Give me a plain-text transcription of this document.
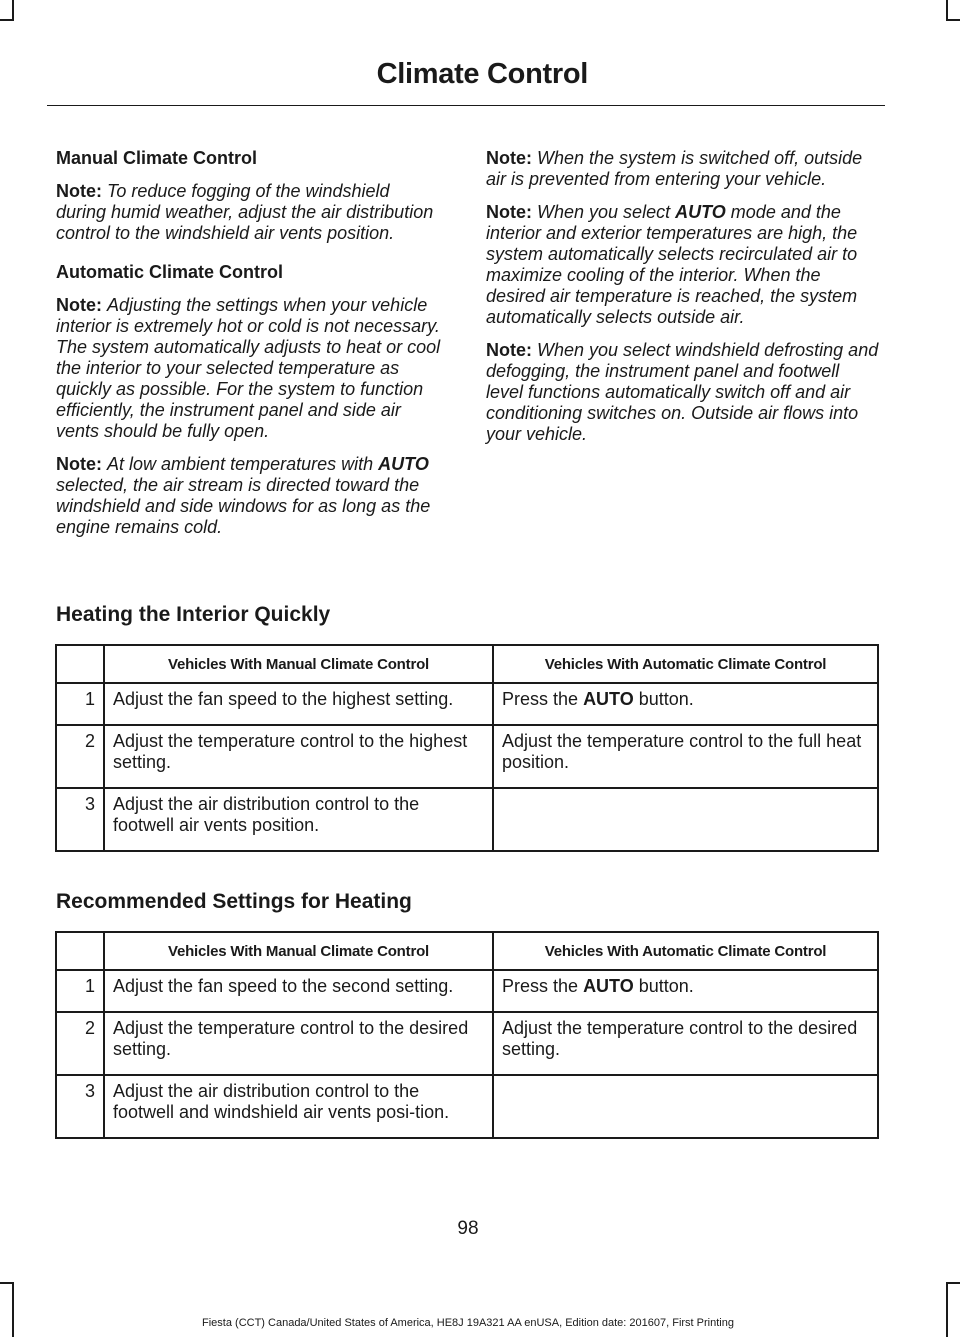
Climate Control
Manual Climate Control

Note: To reduce fogging of the windshield during humid weather, adjust the air distribution control to the windshield air vents position.

Automatic Climate Control

Note: Adjusting the settings when your vehicle interior is extremely hot or cold is not necessary. The system automatically adjusts to heat or cool the interior to your selected temperature as quickly as possible. For the system to function efficiently, the instrument panel and side air vents should be fully open.

Note: At low ambient temperatures with AUTO selected, the air stream is directed toward the windshield and side windows for as long as the engine remains cold.

Note: When the system is switched off, outside air is prevented from entering your vehicle.

Note: When you select AUTO mode and the interior and exterior temperatures are high, the system automatically selects recirculated air to maximize cooling of the interior. When the desired air temperature is reached, the system automatically selects outside air.

Note: When you select windshield defrosting and defogging, the instrument panel and footwell level functions automatically switch off and air conditioning switches on. Outside air flows into your vehicle.

Heating the Interior Quickly
	Vehicles With Manual Climate Control	Vehicles With Automatic Climate Control
1	Adjust the fan speed to the highest setting.	Press the AUTO button.
2	Adjust the temperature control to the highest setting.	Adjust the temperature control to the full heat position.
3	Adjust the air distribution control to the footwell air vents position.	
Recommended Settings for Heating
	Vehicles With Manual Climate Control	Vehicles With Automatic Climate Control
1	Adjust the fan speed to the second setting.	Press the AUTO button.
2	Adjust the temperature control to the desired setting.	Adjust the temperature control to the desired setting.
3	Adjust the air distribution control to the footwell and windshield air vents posi-tion.	
98
Fiesta (CCT) Canada/United States of America, HE8J 19A321 AA enUSA, Edition date: 201607, First Printing
